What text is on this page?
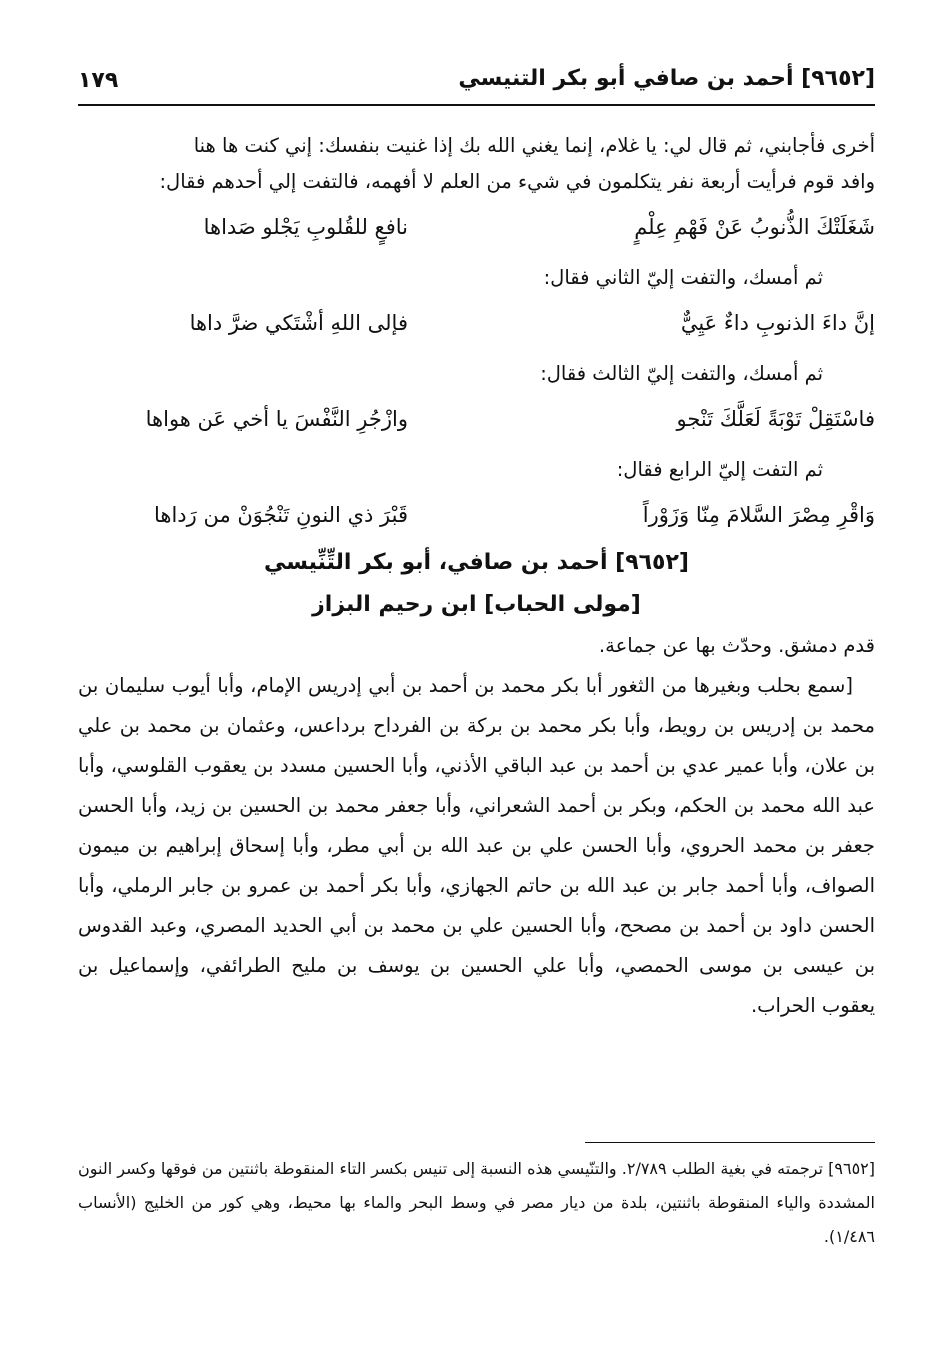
١٧٩	[٩٦٥٢] أحمد بن صافي أبو بكر التنيسي

أخرى فأجابني، ثم قال لي: يا غلام، إنما يغني الله بك إذا غنيت بنفسك: إني كنت ها هنا

وافد قوم فرأيت أربعة نفر يتكلمون في شيء من العلم لا أفهمه، فالتفت إلي أحدهم فقال:

شَغَلَتْكَ الذُّنوبُ عَنْ فَهْمِ عِلْمٍ
نافعٍ للقُلوبِ يَجْلو صَداها

ثم أمسك، والتفت إليّ الثاني فقال:

إنَّ داءَ الذنوبِ داءٌ عَيِيٌّ
فإلى اللهِ أشْتَكي ضرَّ داها

ثم أمسك، والتفت إليّ الثالث فقال:

فاسْتَقِلْ تَوْبَةً لَعَلَّكَ تَنْجو
وازْجُرِ النَّفْسَ يا أخي عَن هواها

ثم التفت إليّ الرابع فقال:

وَاقْرِ مِصْرَ السَّلامَ مِنّا وَزَوْراً
قَبْرَ ذي النونِ تَنْجُوَنْ من رَداها
[٩٦٥٢] أحمد بن صافي، أبو بكر التِّنِّيسي
[مولى الحباب] ابن رحيم البزاز

قدم دمشق. وحدّث بها عن جماعة.

[سمع بحلب وبغيرها من الثغور أبا بكر محمد بن أحمد بن أبي إدريس الإمام، وأبا أيوب سليمان بن محمد بن إدريس بن رويط، وأبا بكر محمد بن بركة بن الفرداح برداعس، وعثمان بن محمد بن علي بن علان، وأبا عمير عدي بن أحمد بن عبد الباقي الأذني، وأبا الحسين مسدد بن يعقوب القلوسي، وأبا عبد الله محمد بن الحكم، وبكر بن أحمد الشعراني، وأبا جعفر محمد بن الحسين بن زيد، وأبا الحسن جعفر بن محمد الحروي، وأبا الحسن علي بن عبد الله بن أبي مطر، وأبا إسحاق إبراهيم بن ميمون الصواف، وأبا أحمد جابر بن عبد الله بن حاتم الجهازي، وأبا بكر أحمد بن عمرو بن جابر الرملي، وأبا الحسن داود بن أحمد بن مصحح، وأبا الحسين علي بن محمد بن أبي الحديد المصري، وعبد القدوس بن عيسى بن موسى الحمصي، وأبا علي الحسين بن يوسف بن مليح الطرائفي، وإسماعيل بن يعقوب الحراب.

[٩٦٥٢] ترجمته في بغية الطلب ٢/٧٨٩. والتنّيسي هذه النسبة إلى تنيس بكسر التاء المنقوطة باثنتين من فوقها وكسر النون المشددة والياء المنقوطة باثنتين، بلدة من ديار مصر في وسط البحر والماء بها محيط، وهي كور من الخليج (الأنساب ١/٤٨٦).
